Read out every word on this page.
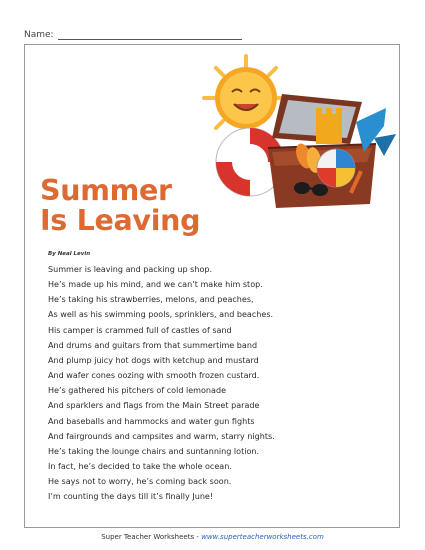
Name:
Summer
Is Leaving
By Neal Levin
Summer is leaving and packing up shop.
He’s made up his mind, and we can’t make him stop.
He’s taking his strawberries, melons, and peaches,
As well as his swimming pools, sprinklers, and beaches.
His camper is crammed full of castles of sand
And drums and guitars from that summertime band
And plump juicy hot dogs with ketchup and mustard
And wafer cones oozing with smooth frozen custard.
He’s gathered his pitchers of cold lemonade
And sparklers and flags from the Main Street parade
And baseballs and hammocks and water gun fights
And fairgrounds and campsites and warm, starry nights.
He’s taking the lounge chairs and suntanning lotion.
In fact, he’s decided to take the whole ocean.
He says not to worry, he’s coming back soon.
I’m counting the days till it’s finally June!
Super Teacher Worksheets - www.superteacherworksheets.com
